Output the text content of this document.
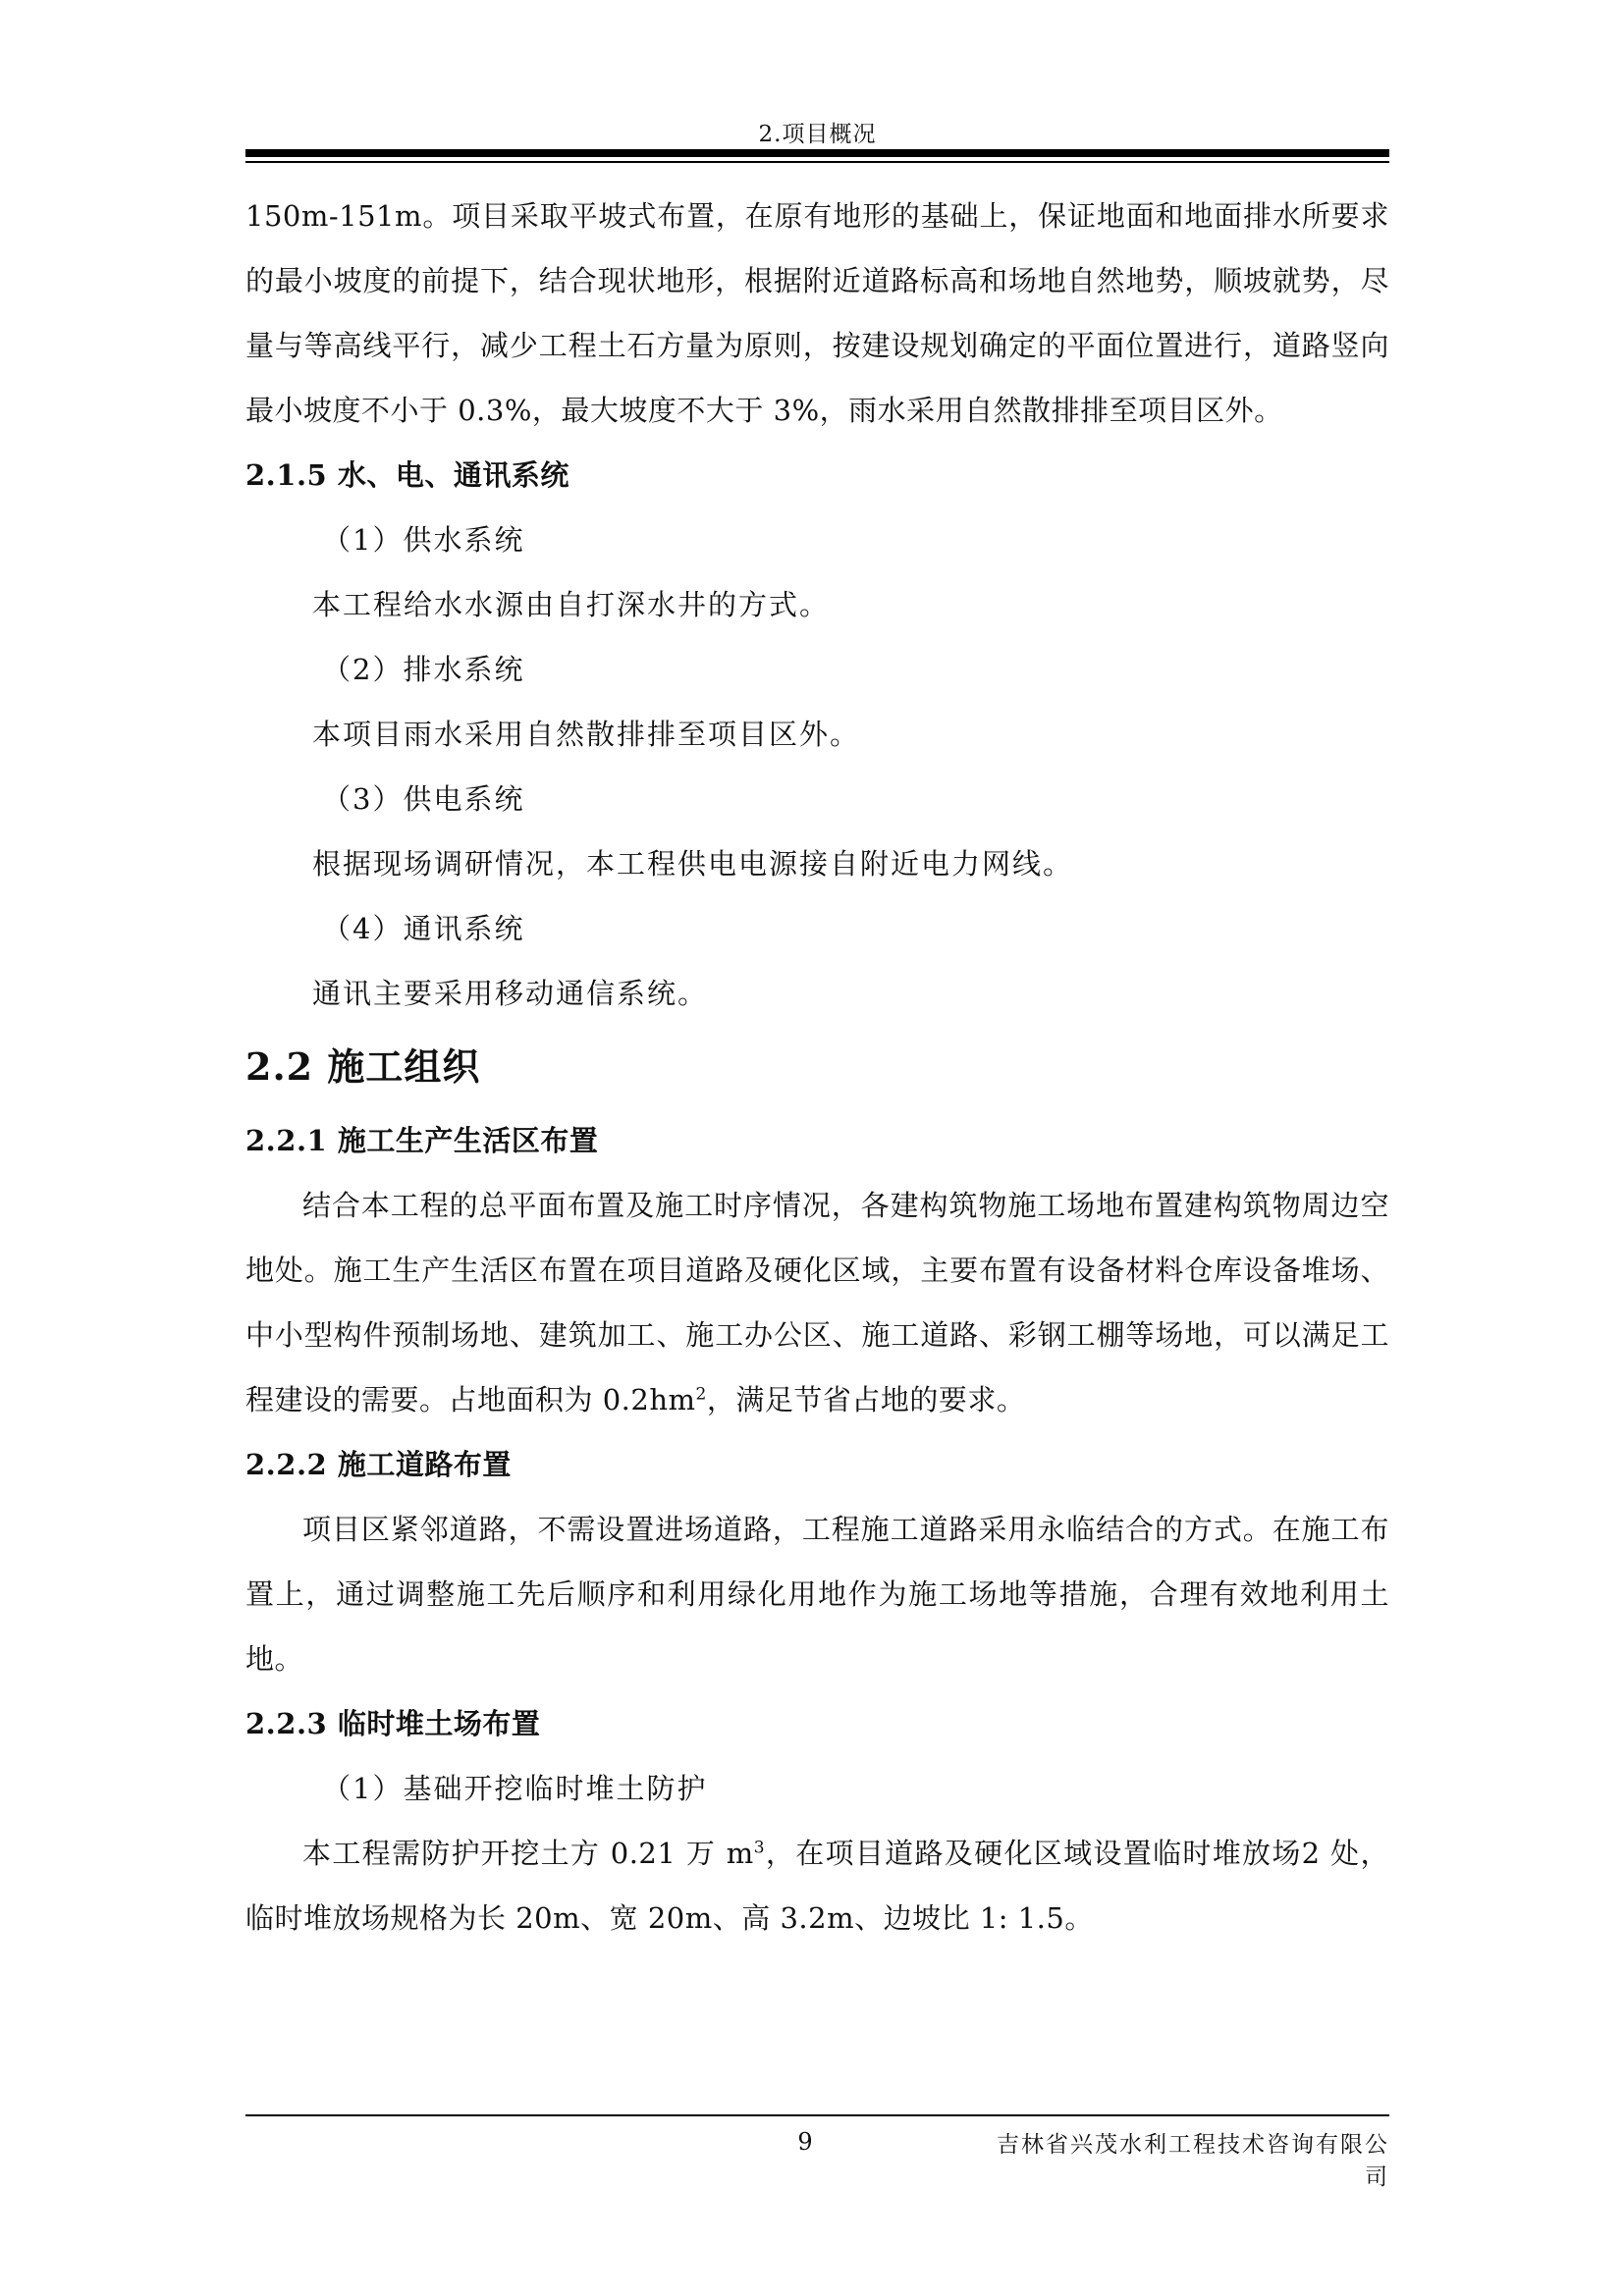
2.项目概况

150m-151m。项目采取平坡式布置，在原有地形的基础上，保证地面和地面排水所要求的最小坡度的前提下，结合现状地形，根据附近道路标高和场地自然地势，顺坡就势，尽量与等高线平行，减少工程土石方量为原则，按建设规划确定的平面位置进行，道路竖向最小坡度不小于 0.3%，最大坡度不大于 3%，雨水采用自然散排排至项目区外。

2.1.5 水、电、通讯系统

（1）供水系统

本工程给水水源由自打深水井的方式。

（2）排水系统

本项目雨水采用自然散排排至项目区外。

（3）供电系统

根据现场调研情况，本工程供电电源接自附近电力网线。

（4）通讯系统

通讯主要采用移动通信系统。

2.2 施工组织

2.2.1 施工生产生活区布置

结合本工程的总平面布置及施工时序情况，各建构筑物施工场地布置建构筑物周边空地处。施工生产生活区布置在项目道路及硬化区域，主要布置有设备材料仓库设备堆场、中小型构件预制场地、建筑加工、施工办公区、施工道路、彩钢工棚等场地，可以满足工程建设的需要。占地面积为 $0.2hm^2$，满足节省占地的要求。

2.2.2 施工道路布置

项目区紧邻道路，不需设置进场道路，工程施工道路采用永临结合的方式。在施工布置上，通过调整施工先后顺序和利用绿化用地作为施工场地等措施，合理有效地利用土地。

2.2.3 临时堆土场布置

（1）基础开挖临时堆土防护

本工程需防护开挖土方 0.21 万 $m^3$，在项目道路及硬化区域设置临时堆放场2 处，临时堆放场规格为长 20m、宽 20m、高 3.2m、边坡比 1: 1.5。

9	吉林省兴茂水利工程技术咨询有限公司
